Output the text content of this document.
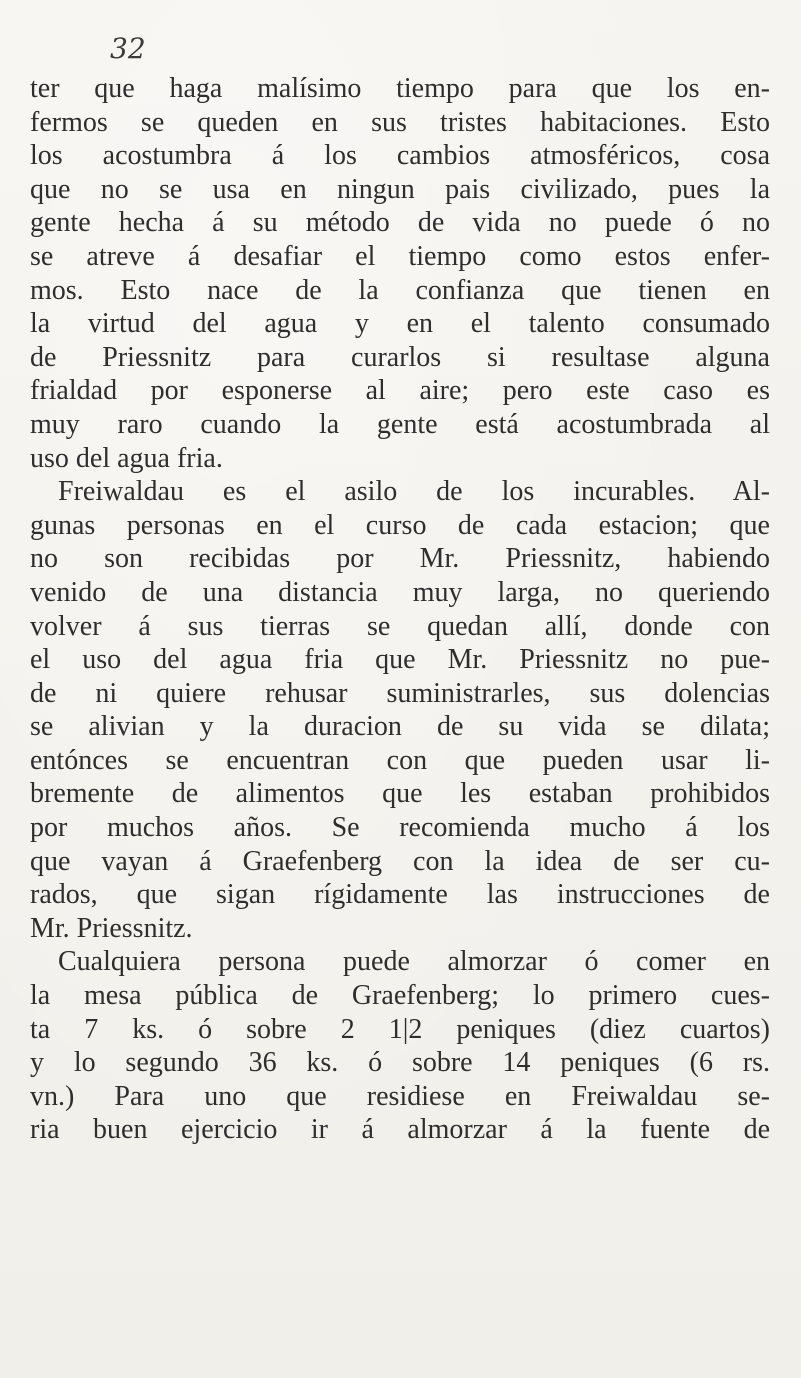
32
ter que haga malísimo tiempo para que los en-
fermos se queden en sus tristes habitaciones. Esto
los acostumbra á los cambios atmosféricos, cosa
que no se usa en ningun pais civilizado, pues la
gente hecha á su método de vida no puede ó no
se atreve á desafiar el tiempo como estos enfer-
mos. Esto nace de la confianza que tienen en
la virtud del agua y en el talento consumado
de Priessnitz para curarlos si resultase alguna
frialdad por esponerse al aire; pero este caso es
muy raro cuando la gente está acostumbrada al
uso del agua fria.
Freiwaldau es el asilo de los incurables. Al-
gunas personas en el curso de cada estacion; que
no son recibidas por Mr. Priessnitz, habiendo
venido de una distancia muy larga, no queriendo
volver á sus tierras se quedan allí, donde con
el uso del agua fria que Mr. Priessnitz no pue-
de ni quiere rehusar suministrarles, sus dolencias
se alivian y la duracion de su vida se dilata;
entónces se encuentran con que pueden usar li-
bremente de alimentos que les estaban prohibidos
por muchos años. Se recomienda mucho á los
que vayan á Graefenberg con la idea de ser cu-
rados, que sigan rígidamente las instrucciones de
Mr. Priessnitz.
Cualquiera persona puede almorzar ó comer en
la mesa pública de Graefenberg; lo primero cues-
ta 7 ks. ó sobre 2 1|2 peniques (diez cuartos)
y lo segundo 36 ks. ó sobre 14 peniques (6 rs.
vn.) Para uno que residiese en Freiwaldau se-
ria buen ejercicio ir á almorzar á la fuente de
